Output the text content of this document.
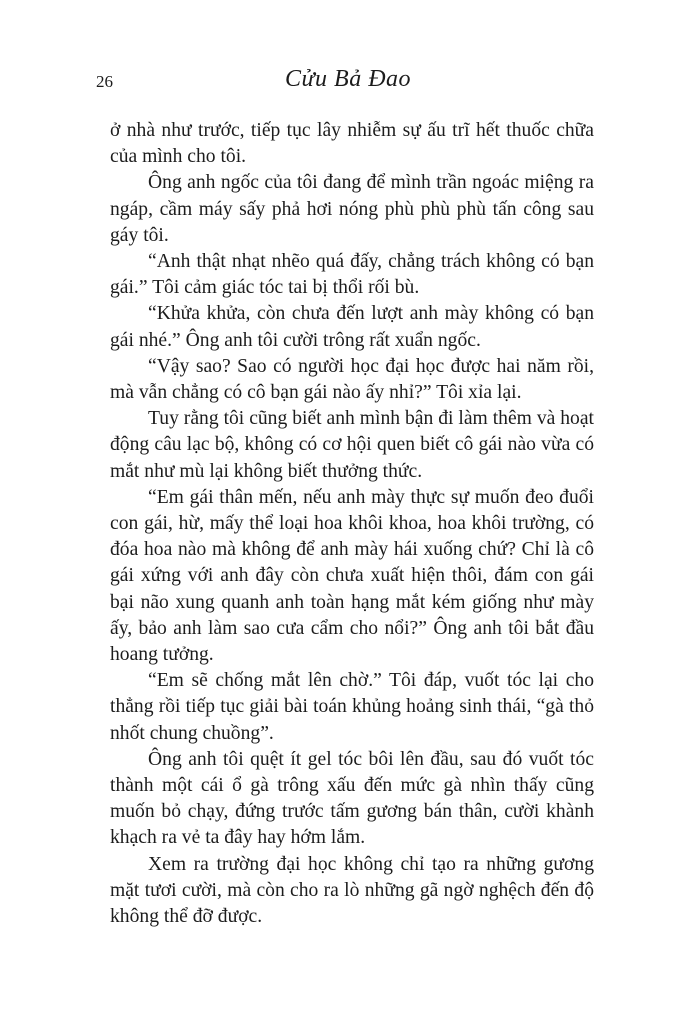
26	Cửu Bả Đao

ở nhà như trước, tiếp tục lây nhiễm sự ấu trĩ hết thuốc chữa của mình cho tôi.

Ông anh ngốc của tôi đang để mình trần ngoác miệng ra ngáp, cầm máy sấy phả hơi nóng phù phù phù tấn công sau gáy tôi.

“Anh thật nhạt nhẽo quá đấy, chẳng trách không có bạn gái.” Tôi cảm giác tóc tai bị thổi rối bù.

“Khửa khửa, còn chưa đến lượt anh mày không có bạn gái nhé.” Ông anh tôi cười trông rất xuẩn ngốc.

“Vậy sao? Sao có người học đại học được hai năm rồi, mà vẫn chẳng có cô bạn gái nào ấy nhỉ?” Tôi xỉa lại.

Tuy rằng tôi cũng biết anh mình bận đi làm thêm và hoạt động câu lạc bộ, không có cơ hội quen biết cô gái nào vừa có mắt như mù lại không biết thưởng thức.

“Em gái thân mến, nếu anh mày thực sự muốn đeo đuổi con gái, hừ, mấy thể loại hoa khôi khoa, hoa khôi trường, có đóa hoa nào mà không để anh mày hái xuống chứ? Chỉ là cô gái xứng với anh đây còn chưa xuất hiện thôi, đám con gái bại não xung quanh anh toàn hạng mắt kém giống như mày ấy, bảo anh làm sao cưa cẩm cho nổi?” Ông anh tôi bắt đầu hoang tưởng.

“Em sẽ chống mắt lên chờ.” Tôi đáp, vuốt tóc lại cho thẳng rồi tiếp tục giải bài toán khủng hoảng sinh thái, “gà thỏ nhốt chung chuồng”.

Ông anh tôi quệt ít gel tóc bôi lên đầu, sau đó vuốt tóc thành một cái ổ gà trông xấu đến mức gà nhìn thấy cũng muốn bỏ chạy, đứng trước tấm gương bán thân, cười khành khạch ra vẻ ta đây hay hớm lắm.

Xem ra trường đại học không chỉ tạo ra những gương mặt tươi cười, mà còn cho ra lò những gã ngờ nghệch đến độ không thể đỡ được.
